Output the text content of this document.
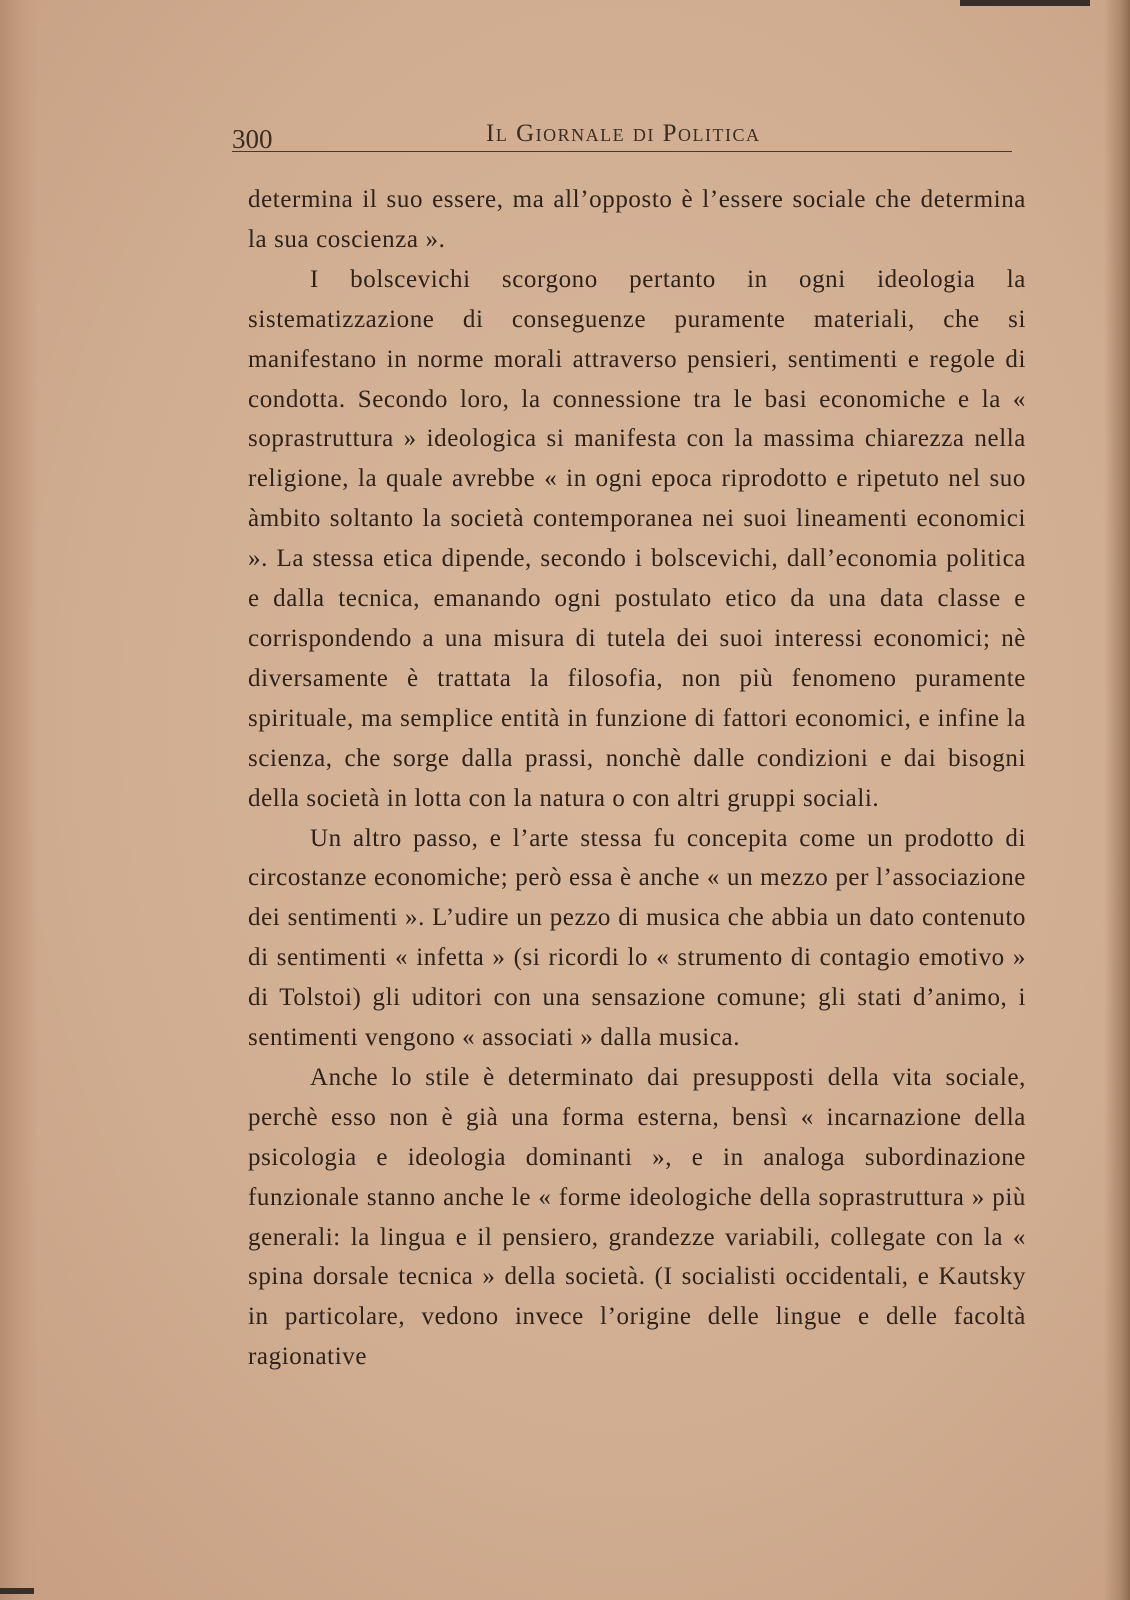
300	Il Giornale di Politica

determina il suo essere, ma all’opposto è l’essere sociale che determina la sua coscienza ».

I bolscevichi scorgono pertanto in ogni ideologia la sistematizzazione di conseguenze puramente materiali, che si manifestano in norme morali attraverso pensieri, sentimenti e regole di condotta. Secondo loro, la connessione tra le basi economiche e la « soprastruttura » ideologica si manifesta con la massima chiarezza nella religione, la quale avrebbe « in ogni epoca riprodotto e ripetuto nel suo àmbito soltanto la società contemporanea nei suoi lineamenti economici ». La stessa etica dipende, secondo i bolscevichi, dall’economia politica e dalla tecnica, emanando ogni postulato etico da una data classe e corrispondendo a una misura di tutela dei suoi interessi economici; nè diversamente è trattata la filosofia, non più fenomeno puramente spirituale, ma semplice entità in funzione di fattori economici, e infine la scienza, che sorge dalla prassi, nonchè dalle condizioni e dai bisogni della società in lotta con la natura o con altri gruppi sociali.

Un altro passo, e l’arte stessa fu concepita come un prodotto di circostanze economiche; però essa è anche « un mezzo per l’associazione dei sentimenti ». L’udire un pezzo di musica che abbia un dato contenuto di sentimenti « infetta » (si ricordi lo « strumento di contagio emotivo » di Tolstoi) gli uditori con una sensazione comune; gli stati d’animo, i sentimenti vengono « associati » dalla musica.

Anche lo stile è determinato dai presupposti della vita sociale, perchè esso non è già una forma esterna, bensì « incarnazione della psicologia e ideologia dominanti », e in analoga subordinazione funzionale stanno anche le « forme ideologiche della soprastruttura » più generali: la lingua e il pensiero, grandezze variabili, collegate con la « spina dorsale tecnica » della società. (I socialisti occidentali, e Kautsky in particolare, vedono invece l’origine delle lingue e delle facoltà ragionative
